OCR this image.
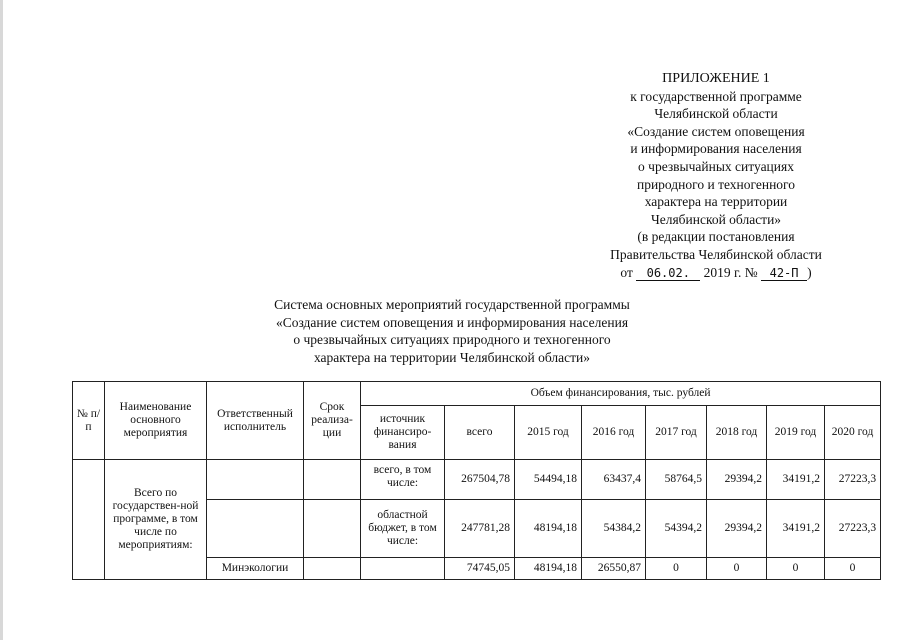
ПРИЛОЖЕНИЕ 1
к государственной программе
Челябинской области
«Создание систем оповещения
и информирования населения
о чрезвычайных ситуациях
природного и техногенного
характера на территории
Челябинской области»
(в редакции постановления
Правительства Челябинской области
от 06.02. 2019 г. № 42-П )
Система основных мероприятий государственной программы
«Создание систем оповещения и информирования населения
о чрезвычайных ситуациях природного и техногенного
характера на территории Челябинской области»
№ п/п	Наименование основного мероприятия	Ответственный исполнитель	Срок реализа-ции	Объем финансирования, тыс. рублей							
				источник финансиро-вания	всего	2015 год	2016 год	2017 год	2018 год	2019 год	2020 год
	Всего по государствен-ной программе, в том числе по мероприятиям:			всего, в том числе:	267504,78	54494,18	63437,4	58764,5	29394,2	34191,2	27223,3
				областной бюджет, в том числе:	247781,28	48194,18	54384,2	54394,2	29394,2	34191,2	27223,3
		Минэкологии			74745,05	48194,18	26550,87	0	0	0	0
